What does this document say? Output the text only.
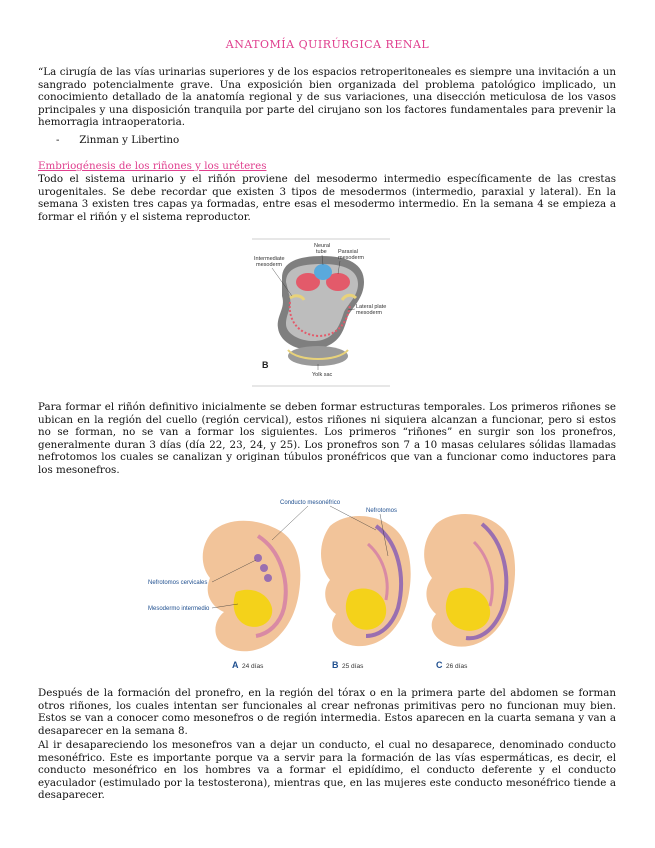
ANATOMÍA QUIRÚRGICA RENAL

“La cirugía de las vías urinarias superiores y de los espacios retroperitoneales es siempre una invitación a un sangrado potencialmente grave. Una exposición bien organizada del problema patológico implicado, un conocimiento detallado de la anatomía regional y de sus variaciones, una disección meticulosa de los vasos principales y una disposición tranquila por parte del cirujano son los factores fundamentales para prevenir la hemorragia intraoperatoria.

- Zinman y Libertino
Embriogénesis de los riñones y los uréteres

Todo el sistema urinario y el riñón proviene del mesodermo intermedio específicamente de las crestas urogenitales. Se debe recordar que existen 3 tipos de mesodermos (intermedio, paraxial y lateral). En la semana 3 existen tres capas ya formadas, entre esas el mesodermo intermedio. En la semana 4 se empieza a formar el riñón y el sistema reproductor.

Neural
tube Paraxial
mesoderm
Intermediate
mesoderm
Lateral plate
mesoderm
Yolk sac
B

Para formar el riñón definitivo inicialmente se deben formar estructuras temporales. Los primeros riñones se ubican en la región del cuello (región cervical), estos riñones ni siquiera alcanzan a funcionar, pero si estos no se forman, no se van a formar los siguientes. Los primeros “riñones” en surgir son los pronefros, generalmente duran 3 días (día 22, 23, 24, y 25). Los pronefros son 7 a 10 masas celulares sólidas llamadas nefrotomos los cuales se canalizan y originan túbulos pronéfricos que van a funcionar como inductores para los mesonefros.

Conducto mesonéfrico
Nefrotomos
Nefrotomos cervicales
Mesodermo intermedio
A 24 días	B 25 días	C 26 días

Después de la formación del pronefro, en la región del tórax o en la primera parte del abdomen se forman otros riñones, los cuales intentan ser funcionales al crear nefronas primitivas pero no funcionan muy bien. Estos se van a conocer como mesonefros o de región intermedia. Estos aparecen en la cuarta semana y van a desaparecer en la semana 8.

Al ir desapareciendo los mesonefros van a dejar un conducto, el cual no desaparece, denominado conducto mesonéfrico. Este es importante porque va a servir para la formación de las vías espermáticas, es decir, el conducto mesonéfrico en los hombres va a formar el epidídimo, el conducto deferente y el conducto eyaculador (estimulado por la testosterona), mientras que, en las mujeres este conducto mesonéfrico tiende a desaparecer.
